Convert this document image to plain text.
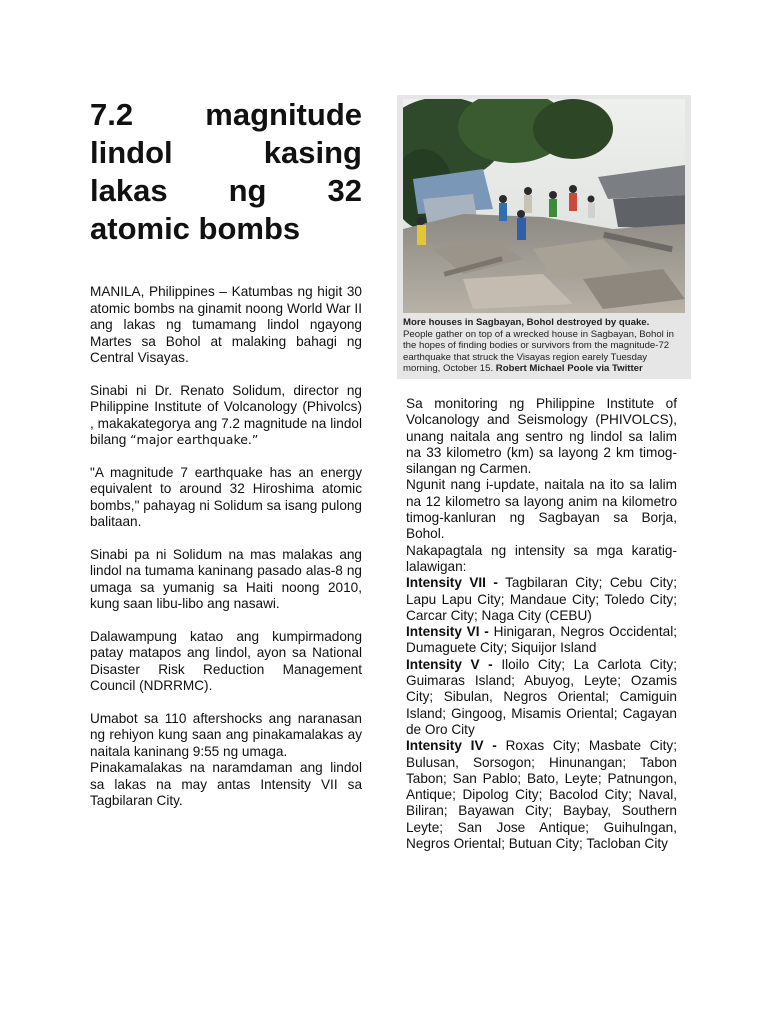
7.2 magnitude lindol kasing lakas ng 32 atomic bombs

MANILA, Philippines – Katumbas ng higit 30 atomic bombs na ginamit noong World War II ang lakas ng tumamang lindol ngayong Martes sa Bohol at malaking bahagi ng Central Visayas.

Sinabi ni Dr. Renato Solidum, director ng Philippine Institute of Volcanology (Phivolcs) , makakategorya ang 7.2 magnitude na lindol bilang “major earthquake.”

"A magnitude 7 earthquake has an energy equivalent to around 32 Hiroshima atomic bombs," pahayag ni Solidum sa isang pulong balitaan.

Sinabi pa ni Solidum na mas malakas ang lindol na tumama kaninang pasado alas-8 ng umaga sa yumanig sa Haiti noong 2010, kung saan libu-libo ang nasawi.

Dalawampung katao ang kumpirmadong patay matapos ang lindol, ayon sa National Disaster Risk Reduction Management Council (NDRRMC).

Umabot sa 110 aftershocks ang naranasan ng rehiyon kung saan ang pinakamalakas ay naitala kaninang 9:55 ng umaga.

Pinakamalakas na naramdaman ang lindol sa lakas na may antas Intensity VII sa Tagbilaran City.

More houses in Sagbayan, Bohol destroyed by quake.
People gather on top of a wrecked house in Sagbayan, Bohol in the hopes of finding bodies or survivors from the magnitude-72 earthquake that struck the Visayas region earely Tuesday morning, October 15. Robert Michael Poole via Twitter

Sa monitoring ng Philippine Institute of Volcanology and Seismology (PHIVOLCS), unang naitala ang sentro ng lindol sa lalim na 33 kilometro (km) sa layong 2 km timog-silangan ng Carmen.

Ngunit nang i-update, naitala na ito sa lalim na 12 kilometro sa layong anim na kilometro timog-kanluran ng Sagbayan sa Borja, Bohol.

Nakapagtala ng intensity sa mga karatig-lalawigan:

Intensity VII - Tagbilaran City; Cebu City; Lapu Lapu City; Mandaue City; Toledo City; Carcar City; Naga City (CEBU)

Intensity VI - Hinigaran, Negros Occidental; Dumaguete City; Siquijor Island

Intensity V - Iloilo City; La Carlota City; Guimaras Island; Abuyog, Leyte; Ozamis City; Sibulan, Negros Oriental; Camiguin Island; Gingoog, Misamis Oriental; Cagayan de Oro City

Intensity IV - Roxas City; Masbate City; Bulusan, Sorsogon; Hinunangan; Tabon Tabon; San Pablo; Bato, Leyte; Patnungon, Antique; Dipolog City; Bacolod City; Naval, Biliran; Bayawan City; Baybay, Southern Leyte; San Jose Antique; Guihulngan, Negros Oriental; Butuan City; Tacloban City
